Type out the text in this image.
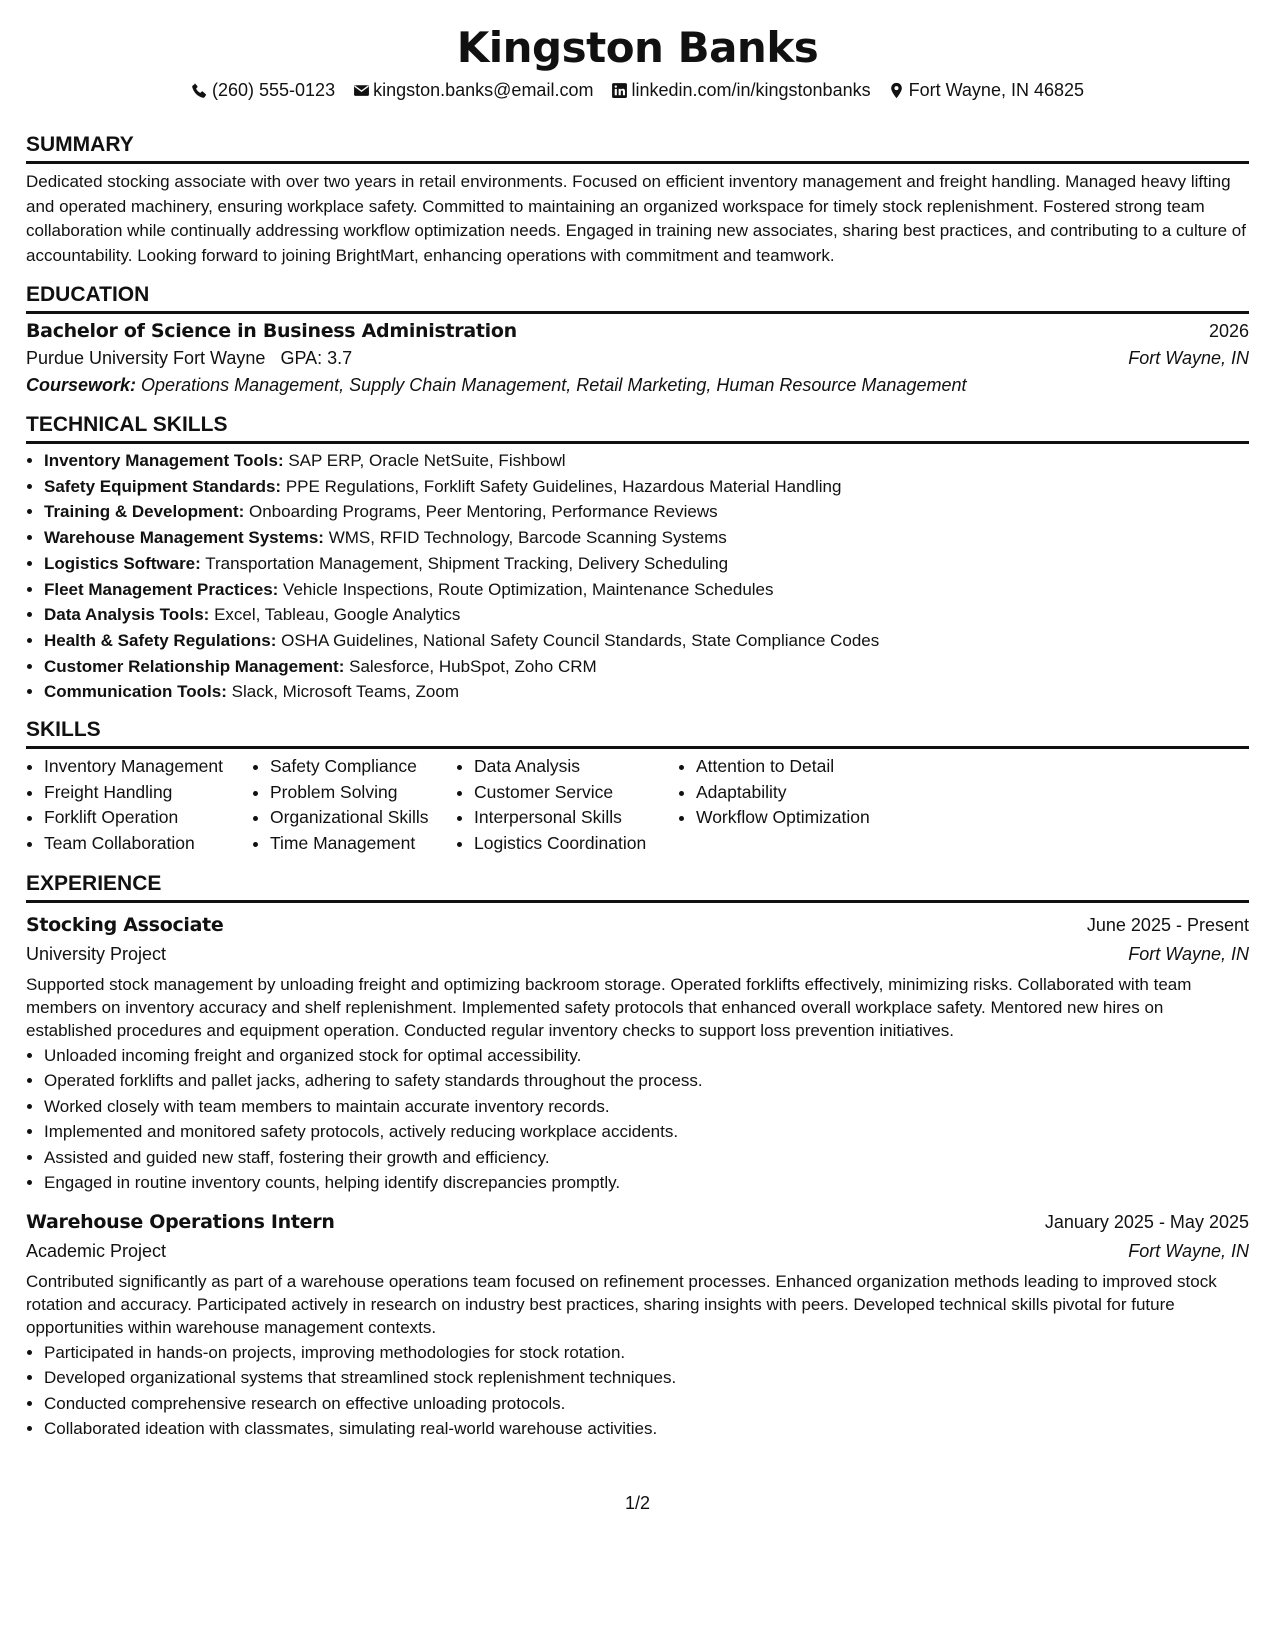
Kingston Banks
(260) 555-0123 kingston.banks@email.com linkedin.com/in/kingstonbanks Fort Wayne, IN 46825
SUMMARY

Dedicated stocking associate with over two years in retail environments. Focused on efficient inventory management and freight handling. Managed heavy lifting and operated machinery, ensuring workplace safety. Committed to maintaining an organized workspace for timely stock replenishment. Fostered strong team collaboration while continually addressing workflow optimization needs. Engaged in training new associates, sharing best practices, and contributing to a culture of accountability. Looking forward to joining BrightMart, enhancing operations with commitment and teamwork.

EDUCATION
Bachelor of Science in Business Administration	2026
Purdue University Fort Wayne GPA: 3.7	Fort Wayne, IN
Coursework: Operations Management, Supply Chain Management, Retail Marketing, Human Resource Management
TECHNICAL SKILLS
• Inventory Management Tools: SAP ERP, Oracle NetSuite, Fishbowl
• Safety Equipment Standards: PPE Regulations, Forklift Safety Guidelines, Hazardous Material Handling
• Training & Development: Onboarding Programs, Peer Mentoring, Performance Reviews
• Warehouse Management Systems: WMS, RFID Technology, Barcode Scanning Systems
• Logistics Software: Transportation Management, Shipment Tracking, Delivery Scheduling
• Fleet Management Practices: Vehicle Inspections, Route Optimization, Maintenance Schedules
• Data Analysis Tools: Excel, Tableau, Google Analytics
• Health & Safety Regulations: OSHA Guidelines, National Safety Council Standards, State Compliance Codes
• Customer Relationship Management: Salesforce, HubSpot, Zoho CRM
• Communication Tools: Slack, Microsoft Teams, Zoom
SKILLS
• Inventory Management
• Freight Handling
• Forklift Operation
• Team Collaboration
• Safety Compliance
• Problem Solving
• Organizational Skills
• Time Management
• Data Analysis
• Customer Service
• Interpersonal Skills
• Logistics Coordination
• Attention to Detail
• Adaptability
• Workflow Optimization
EXPERIENCE
Stocking Associate	June 2025 - Present
University Project	Fort Wayne, IN
Supported stock management by unloading freight and optimizing backroom storage. Operated forklifts effectively, minimizing risks. Collaborated with team members on inventory accuracy and shelf replenishment. Implemented safety protocols that enhanced overall workplace safety. Mentored new hires on established procedures and equipment operation. Conducted regular inventory checks to support loss prevention initiatives.
• Unloaded incoming freight and organized stock for optimal accessibility.
• Operated forklifts and pallet jacks, adhering to safety standards throughout the process.
• Worked closely with team members to maintain accurate inventory records.
• Implemented and monitored safety protocols, actively reducing workplace accidents.
• Assisted and guided new staff, fostering their growth and efficiency.
• Engaged in routine inventory counts, helping identify discrepancies promptly.
Warehouse Operations Intern	January 2025 - May 2025
Academic Project	Fort Wayne, IN
Contributed significantly as part of a warehouse operations team focused on refinement processes. Enhanced organization methods leading to improved stock rotation and accuracy. Participated actively in research on industry best practices, sharing insights with peers. Developed technical skills pivotal for future opportunities within warehouse management contexts.
• Participated in hands-on projects, improving methodologies for stock rotation.
• Developed organizational systems that streamlined stock replenishment techniques.
• Conducted comprehensive research on effective unloading protocols.
• Collaborated ideation with classmates, simulating real-world warehouse activities.
1/2
